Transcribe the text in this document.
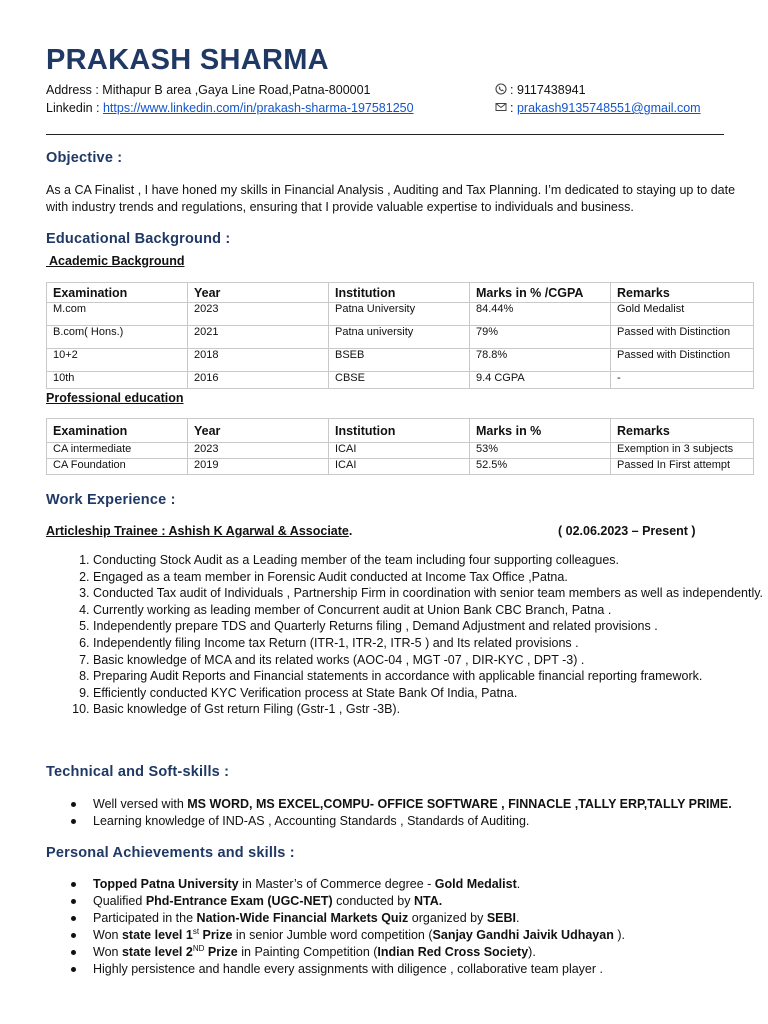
PRAKASH SHARMA
Address : Mithapur B area ,Gaya Line Road,Patna-800001
Linkedin : https://www.linkedin.com/in/prakash-sharma-197581250
: 9117438941
: prakash9135748551@gmail.com
Objective :

As a CA Finalist , I have honed my skills in Financial Analysis , Auditing and Tax Planning. I’m dedicated to staying up to date with industry trends and regulations, ensuring that I provide valuable expertise to individuals and business.

Educational Background :

Academic Background

Examination	Year	Institution	Marks in % /CGPA	Remarks
M.com	2023	Patna University	84.44%	Gold Medalist
B.com( Hons.)	2021	Patna university	79%	Passed with Distinction
10+2	2018	BSEB	78.8%	Passed with Distinction
10th	2016	CBSE	9.4 CGPA	-

Professional education

Examination	Year	Institution	Marks in %	Remarks
CA intermediate	2023	ICAI	53%	Exemption in 3 subjects
CA Foundation	2019	ICAI	52.5%	Passed In First attempt
Work Experience :
Articleship Trainee : Ashish K Agarwal & Associate.	( 02.06.2023 – Present )
1. Conducting Stock Audit as a Leading member of the team including four supporting colleagues.
2. Engaged as a team member in Forensic Audit conducted at Income Tax Office ,Patna.
3. Conducted Tax audit of Individuals , Partnership Firm in coordination with senior team members as well as independently.
4. Currently working as leading member of Concurrent audit at Union Bank CBC Branch, Patna .
5. Independently prepare TDS and Quarterly Returns filing , Demand Adjustment and related provisions .
6. Independently filing Income tax Return (ITR-1, ITR-2, ITR-5 ) and Its related provisions .
7. Basic knowledge of MCA and its related works (AOC-04 , MGT -07 , DIR-KYC , DPT -3) .
8. Preparing Audit Reports and Financial statements in accordance with applicable financial reporting framework.
9. Efficiently conducted KYC Verification process at State Bank Of India, Patna.
10. Basic knowledge of Gst return Filing (Gstr-1 , Gstr -3B).
Technical and Soft-skills :
Well versed with MS WORD, MS EXCEL,COMPU- OFFICE SOFTWARE , FINNACLE ,TALLY ERP,TALLY PRIME.
Learning knowledge of IND-AS , Accounting Standards , Standards of Auditing.
Personal Achievements and skills :
Topped Patna University in Master’s of Commerce degree - Gold Medalist.
Qualified Phd-Entrance Exam (UGC-NET) conducted by NTA.
Participated in the Nation-Wide Financial Markets Quiz organized by SEBI.
Won state level 1st Prize in senior Jumble word competition (Sanjay Gandhi Jaivik Udhayan ).
Won state level 2ND Prize in Painting Competition (Indian Red Cross Society).
Highly persistence and handle every assignments with diligence , collaborative team player .
